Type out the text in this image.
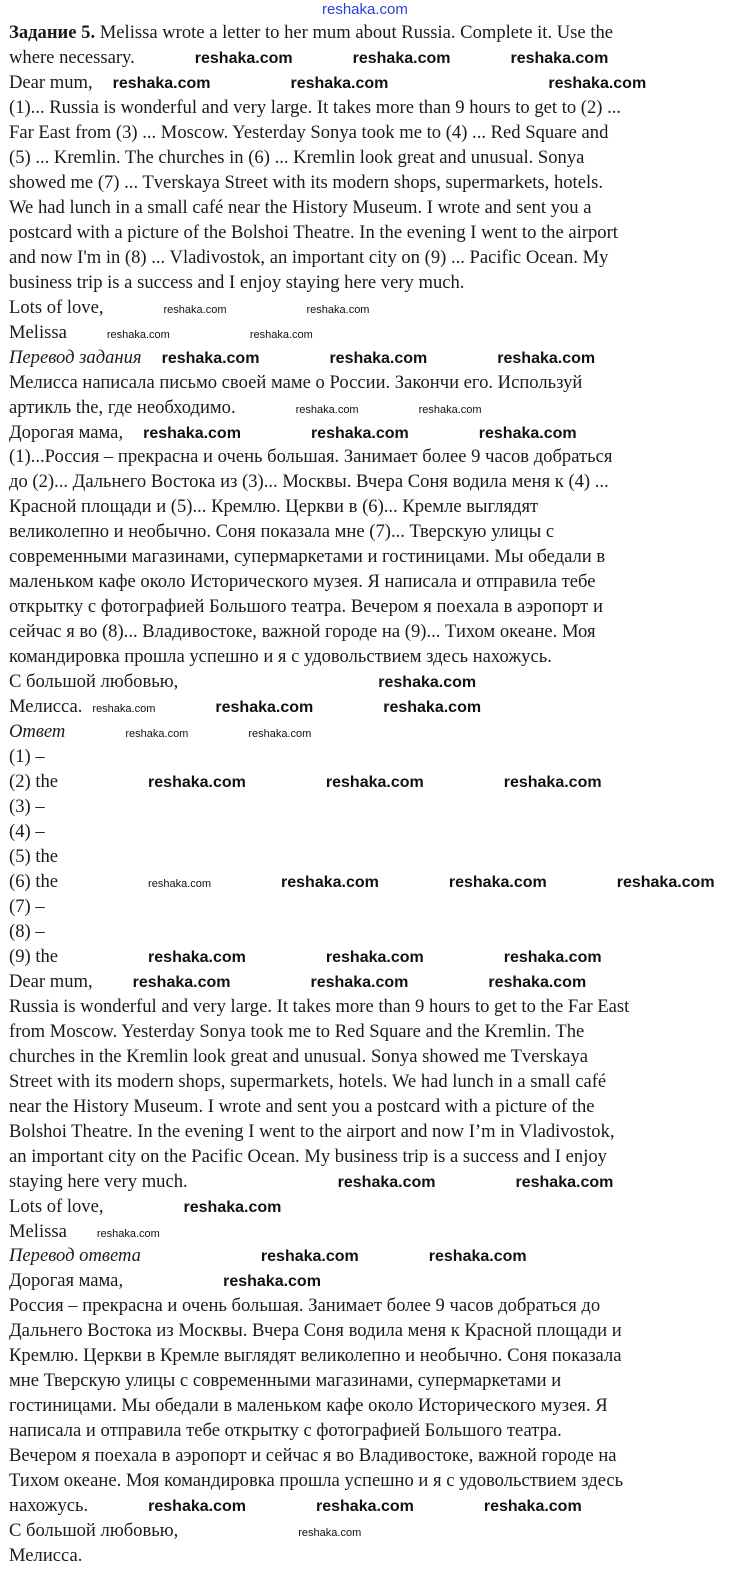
reshaka.com
Задание 5. Melissa wrote a letter to her mum about Russia. Complete it. Use the
where necessary.	reshaka.com	reshaka.com	reshaka.com
Dear mum, reshaka.com	reshaka.com	reshaka.com
(1)... Russia is wonderful and very large. It takes more than 9 hours to get to (2) ...
Far East from (3) ... Moscow. Yesterday Sonya took me to (4) ... Red Square and
(5) ... Kremlin. The churches in (6) ... Kremlin look great and unusual. Sonya
showed me (7) ... Tverskaya Street with its modern shops, supermarkets, hotels.
We had lunch in a small café near the History Museum. I wrote and sent you a
postcard with a picture of the Bolshoi Theatre. In the evening I went to the airport
and now I'm in (8) ... Vladivostok, an important city on (9) ... Pacific Ocean. My
business trip is a success and I enjoy staying here very much.
Lots of love,	reshaka.com	reshaka.com
Melissa	reshaka.com	reshaka.com
Перевод задания reshaka.com	reshaka.com	reshaka.com
Мелисса написала письмо своей маме о России. Закончи его. Используй
артикль the, где необходимо.	reshaka.com	reshaka.com
Дорогая мама, reshaka.com	reshaka.com	reshaka.com
(1)...Россия – прекрасна и очень большая. Занимает более 9 часов добраться
до (2)... Дальнего Востока из (3)... Москвы. Вчера Соня водила меня к (4) ...
Красной площади и (5)... Кремлю. Церкви в (6)... Кремле выглядят
великолепно и необычно. Соня показала мне (7)... Тверскую улицы с
современными магазинами, супермаркетами и гостиницами. Мы обедали в
маленьком кафе около Исторического музея. Я написала и отправила тебе
открытку с фотографией Большого театра. Вечером я поехала в аэропорт и
сейчас я во (8)... Владивостоке, важной городе на (9)... Тихом океане. Моя
командировка прошла успешно и я с удовольствием здесь нахожусь.
С большой любовью,	reshaka.com
Мелисса. reshaka.com	reshaka.com	reshaka.com
Ответ	reshaka.com	reshaka.com
(1) –
(2) the	reshaka.com	reshaka.com	reshaka.com
(3) –
(4) –
(5) the
(6) the	reshaka.com	reshaka.com	reshaka.com	reshaka.com
(7) –
(8) –
(9) the	reshaka.com	reshaka.com	reshaka.com
Dear mum,	reshaka.com	reshaka.com	reshaka.com
Russia is wonderful and very large. It takes more than 9 hours to get to the Far East
from Moscow. Yesterday Sonya took me to Red Square and the Kremlin. The
churches in the Kremlin look great and unusual. Sonya showed me Tverskaya
Street with its modern shops, supermarkets, hotels. We had lunch in a small café
near the History Museum. I wrote and sent you a postcard with a picture of the
Bolshoi Theatre. In the evening I went to the airport and now I’m in Vladivostok,
an important city on the Pacific Ocean. My business trip is a success and I enjoy
staying here very much.	reshaka.com	reshaka.com
Lots of love,	reshaka.com
Melissa	reshaka.com
Перевод ответа	reshaka.com	reshaka.com
Дорогая мама,	reshaka.com
Россия – прекрасна и очень большая. Занимает более 9 часов добраться до
Дальнего Востока из Москвы. Вчера Соня водила меня к Красной площади и
Кремлю. Церкви в Кремле выглядят великолепно и необычно. Соня показала
мне Тверскую улицы с современными магазинами, супермаркетами и
гостиницами. Мы обедали в маленьком кафе около Исторического музея. Я
написала и отправила тебе открытку с фотографией Большого театра.
Вечером я поехала в аэропорт и сейчас я во Владивостоке, важной городе на
Тихом океане. Моя командировка прошла успешно и я с удовольствием здесь
нахожусь.	reshaka.com	reshaka.com	reshaka.com
С большой любовью,	reshaka.com
Мелисса.
